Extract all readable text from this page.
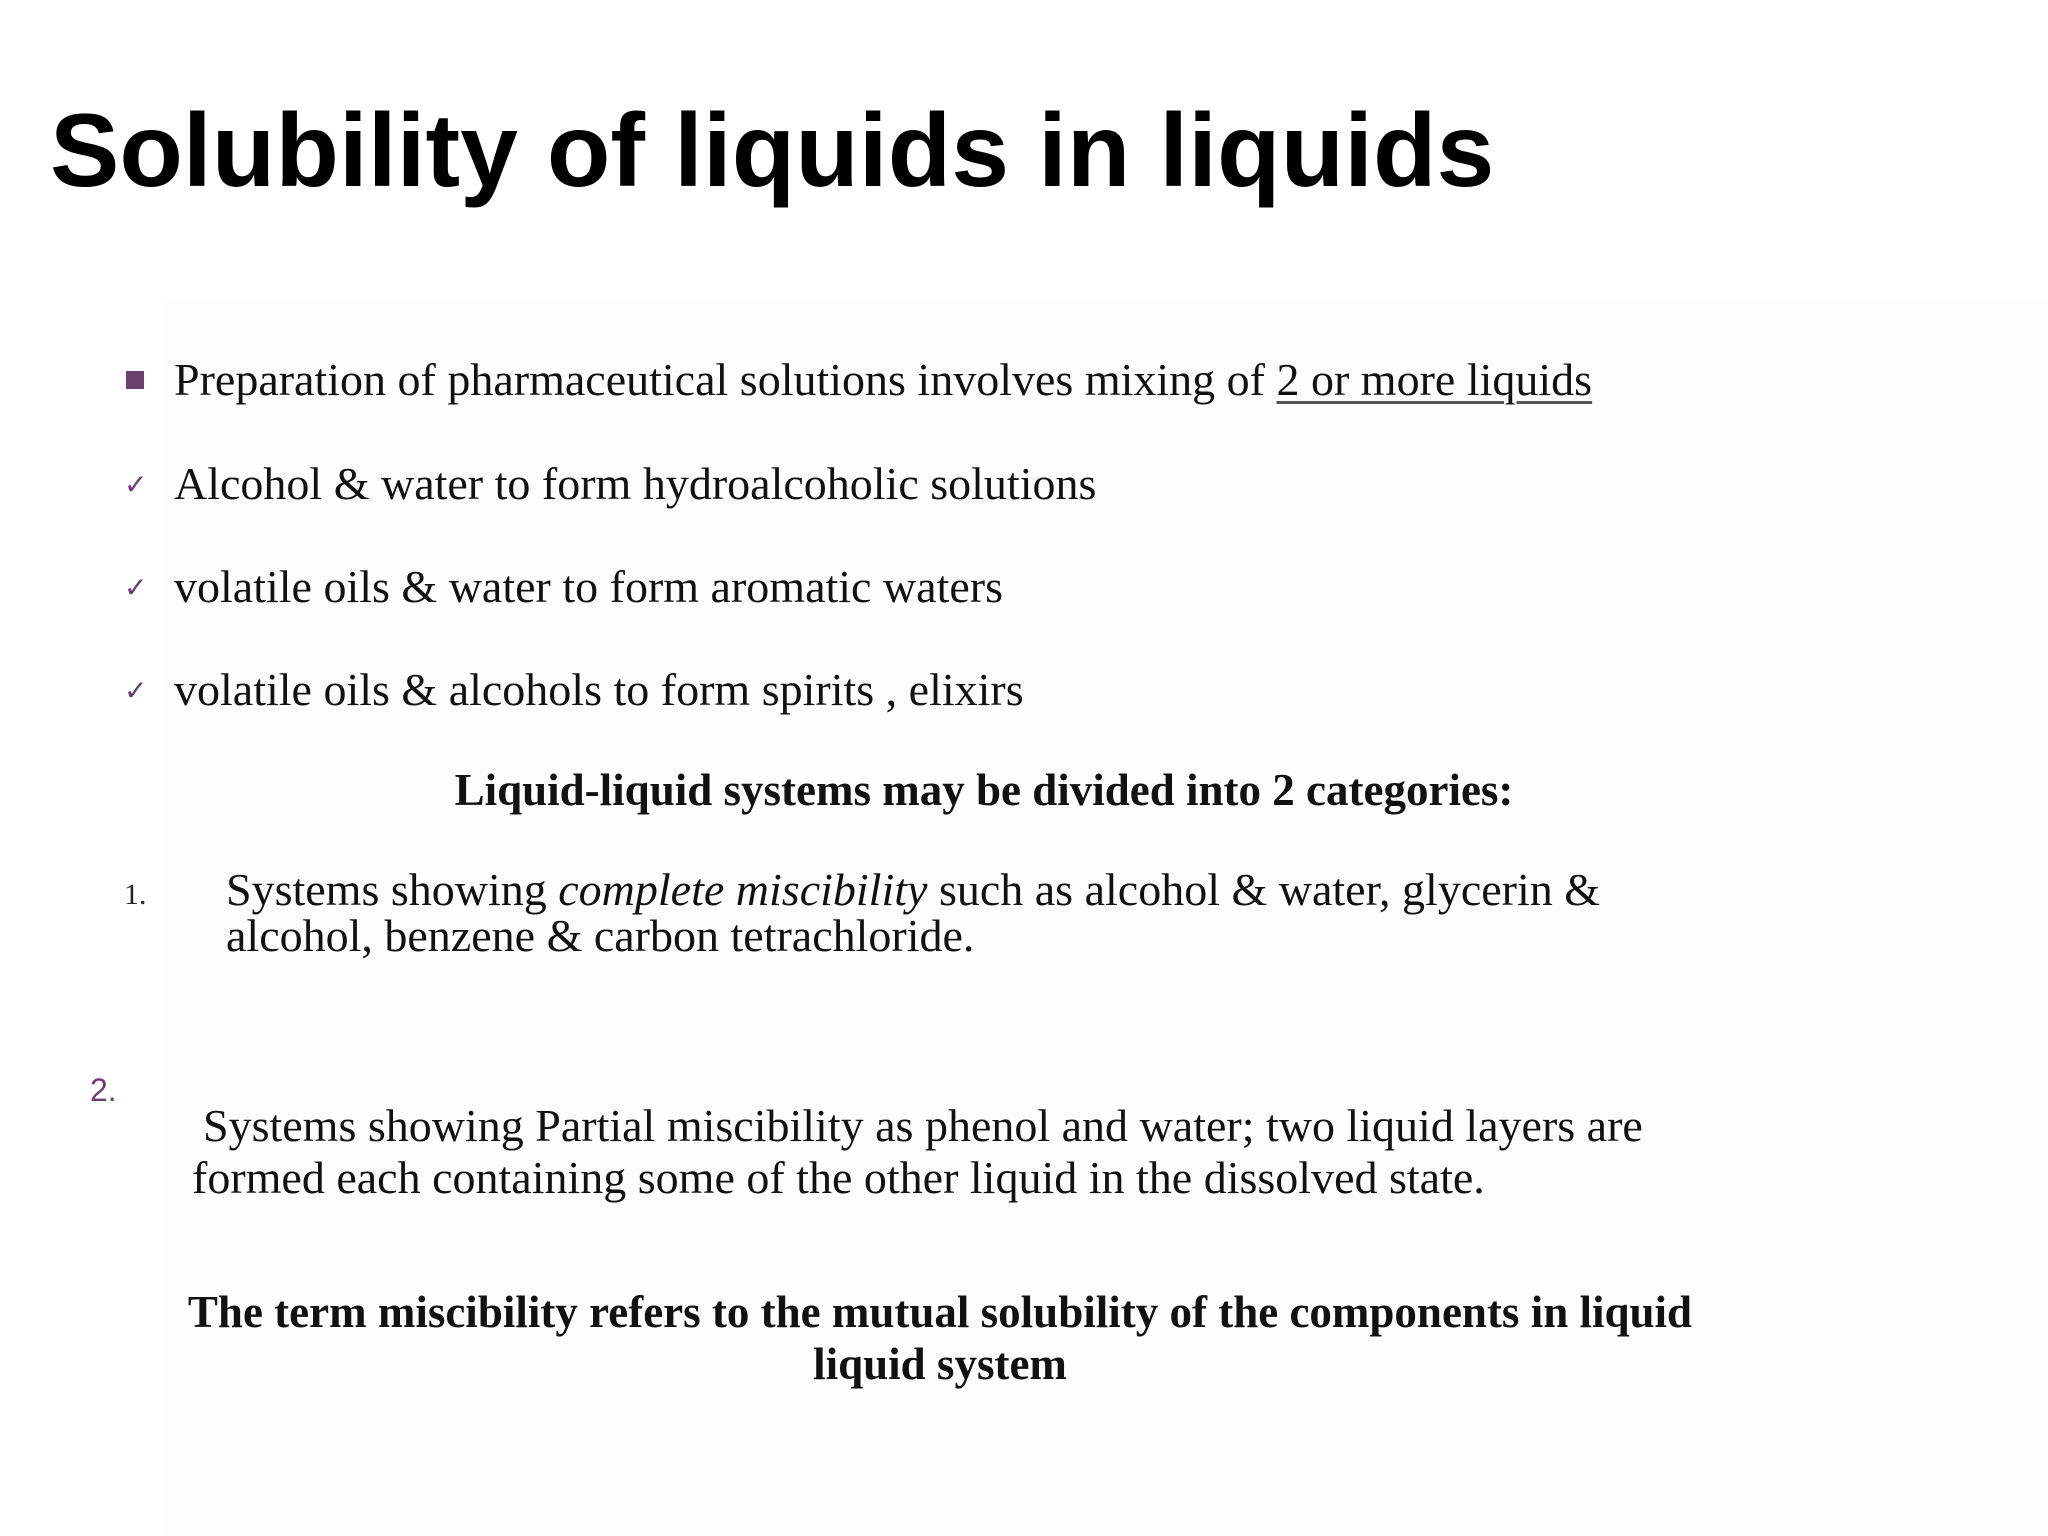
Solubility of liquids in liquids
Preparation of pharmaceutical solutions involves mixing of 2 or more liquids
✓ Alcohol & water to form hydroalcoholic solutions
✓ volatile oils & water to form aromatic waters
✓ volatile oils & alcohols to form spirits , elixirs
Liquid-liquid systems may be divided into 2 categories:
1. Systems showing complete miscibility such as alcohol & water, glycerin &
alcohol, benzene & carbon tetrachloride.
2.
Systems showing Partial miscibility as phenol and water; two liquid layers are
formed each containing some of the other liquid in the dissolved state.
The term miscibility refers to the mutual solubility of the components in liquid
liquid system
